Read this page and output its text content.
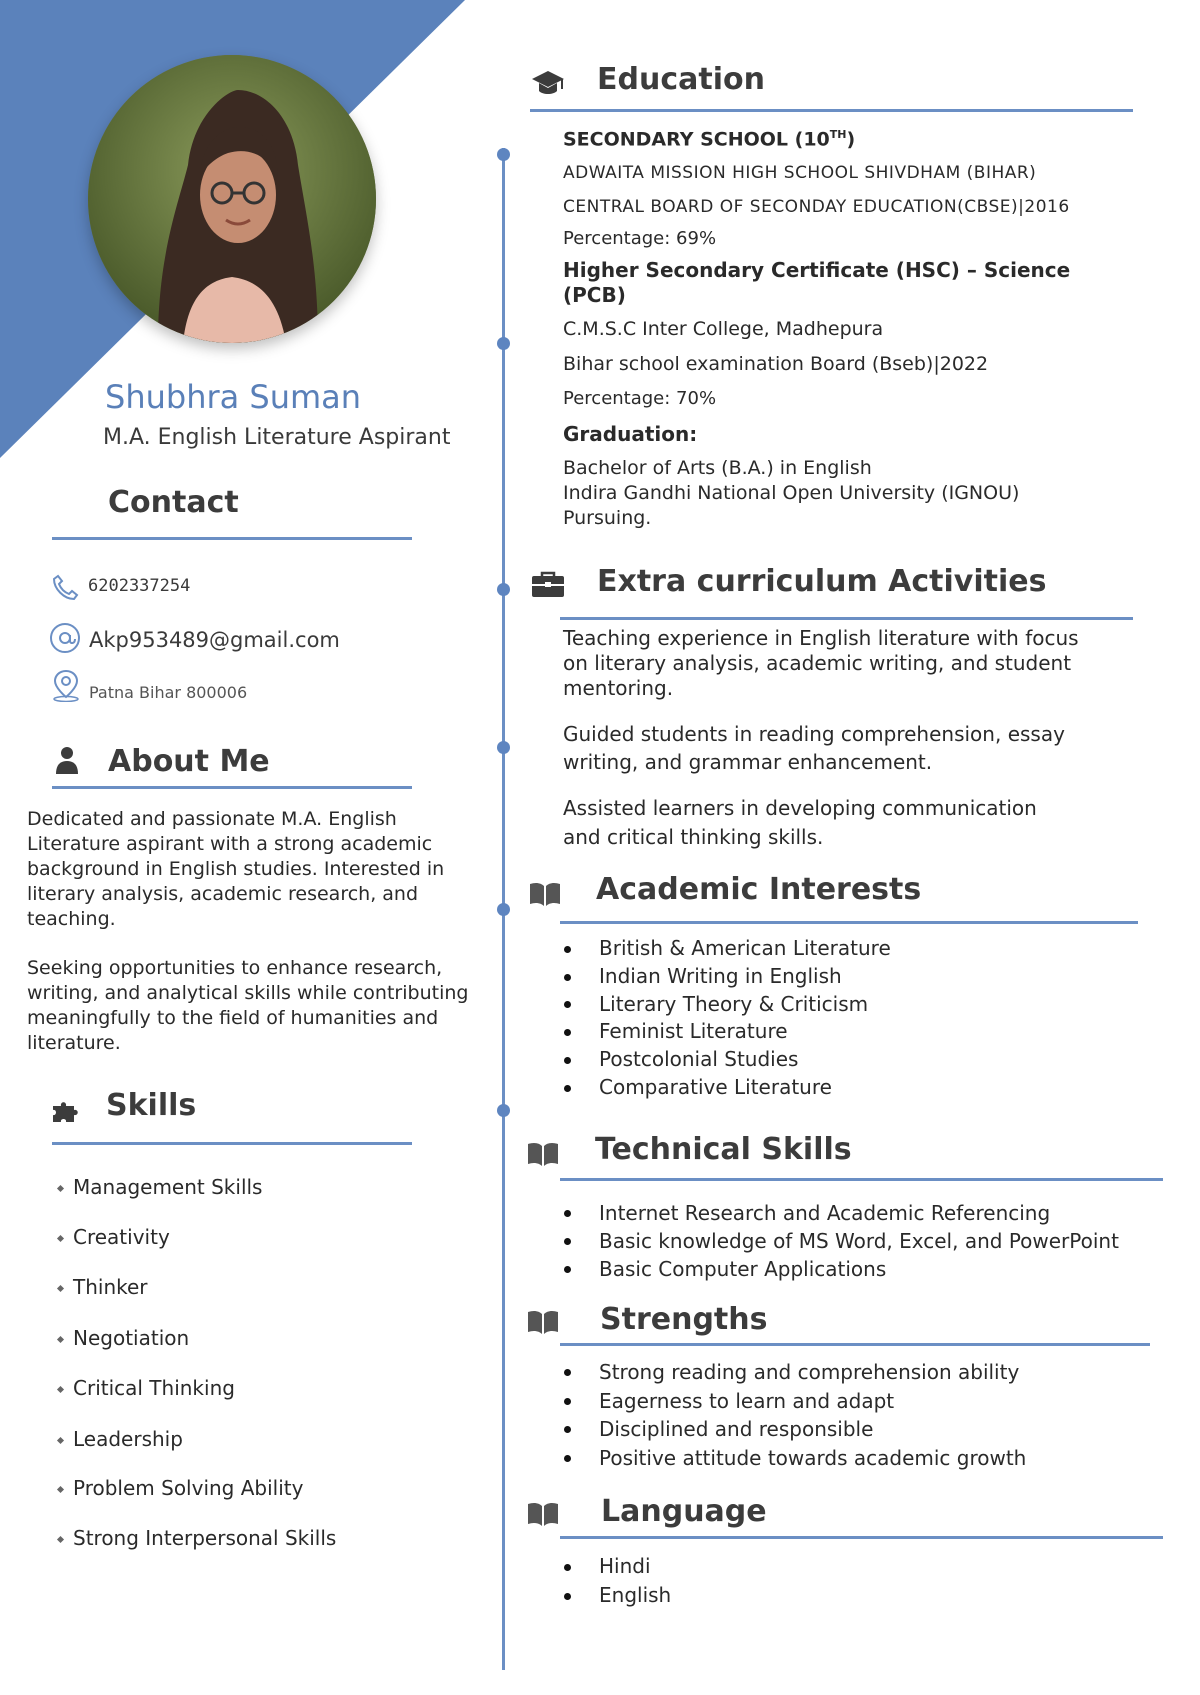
Shubhra Suman
M.A. English Literature Aspirant
Contact
6202337254
Akp953489@gmail.com
Patna Bihar 800006
About Me

Dedicated and passionate M.A. English Literature aspirant with a strong academic background in English studies. Interested in literary analysis, academic research, and teaching.

Seeking opportunities to enhance research, writing, and analytical skills while contributing meaningfully to the field of humanities and literature.

Skills
Management Skills
Creativity
Thinker
Negotiation
Critical Thinking
Leadership
Problem Solving Ability
Strong Interpersonal Skills
Education
SECONDARY SCHOOL (10TH)
ADWAITA MISSION HIGH SCHOOL SHIVDHAM (BIHAR)
CENTRAL BOARD OF SECONDAY EDUCATION(CBSE)|2016
Percentage: 69%
Higher Secondary Certificate (HSC) – Science (PCB)
C.M.S.C Inter College, Madhepura
Bihar school examination Board (Bseb)|2022
Percentage: 70%
Graduation:
Bachelor of Arts (B.A.) in English
Indira Gandhi National Open University (IGNOU)
Pursuing.
Extra curriculum Activities
Teaching experience in English literature with focus on literary analysis, academic writing, and student mentoring.
Guided students in reading comprehension, essay writing, and grammar enhancement.
Assisted learners in developing communication and critical thinking skills.
Academic Interests
British & American Literature
Indian Writing in English
Literary Theory & Criticism
Feminist Literature
Postcolonial Studies
Comparative Literature
Technical Skills
Internet Research and Academic Referencing
Basic knowledge of MS Word, Excel, and PowerPoint
Basic Computer Applications
Strengths
Strong reading and comprehension ability
Eagerness to learn and adapt
Disciplined and responsible
Positive attitude towards academic growth
Language
Hindi
English
